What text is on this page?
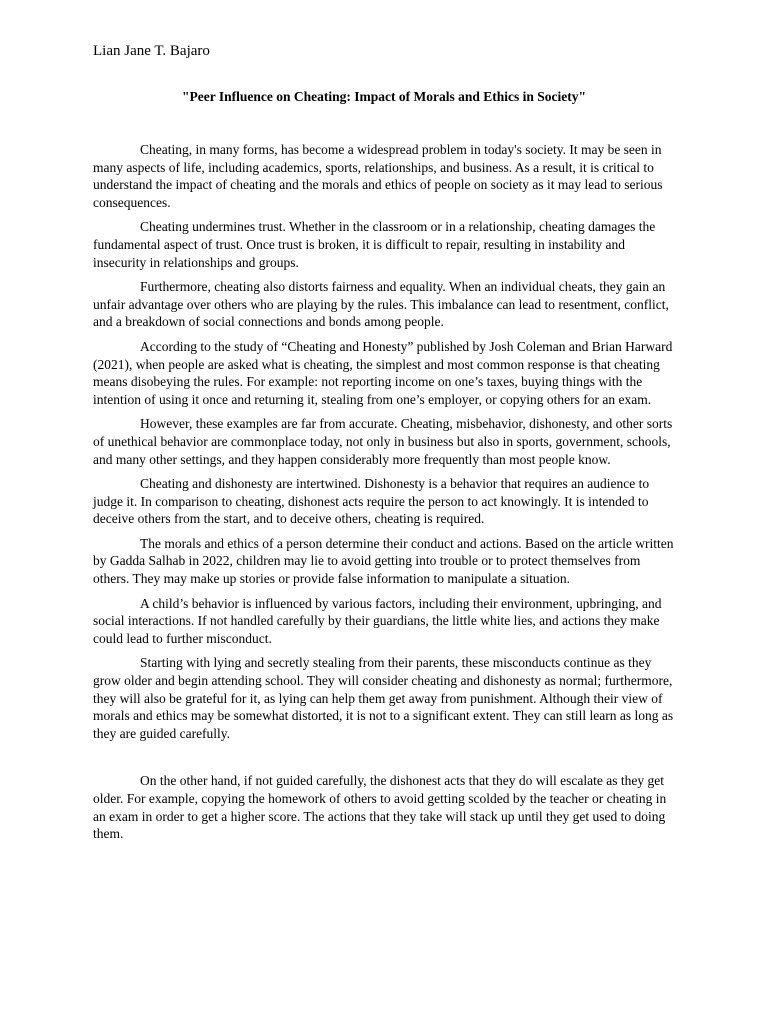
Lian Jane T. Bajaro
"Peer Influence on Cheating: Impact of Morals and Ethics in Society"

Cheating, in many forms, has become a widespread problem in today's society. It may be seen in many aspects of life, including academics, sports, relationships, and business. As a result, it is critical to understand the impact of cheating and the morals and ethics of people on society as it may lead to serious consequences.

Cheating undermines trust. Whether in the classroom or in a relationship, cheating damages the fundamental aspect of trust. Once trust is broken, it is difficult to repair, resulting in instability and insecurity in relationships and groups.

Furthermore, cheating also distorts fairness and equality. When an individual cheats, they gain an unfair advantage over others who are playing by the rules. This imbalance can lead to resentment, conflict, and a breakdown of social connections and bonds among people.

According to the study of “Cheating and Honesty” published by Josh Coleman and Brian Harward (2021), when people are asked what is cheating, the simplest and most common response is that cheating means disobeying the rules. For example: not reporting income on one’s taxes, buying things with the intention of using it once and returning it, stealing from one’s employer, or copying others for an exam.

However, these examples are far from accurate. Cheating, misbehavior, dishonesty, and other sorts of unethical behavior are commonplace today, not only in business but also in sports, government, schools, and many other settings, and they happen considerably more frequently than most people know.

Cheating and dishonesty are intertwined. Dishonesty is a behavior that requires an audience to judge it. In comparison to cheating, dishonest acts require the person to act knowingly. It is intended to deceive others from the start, and to deceive others, cheating is required.

The morals and ethics of a person determine their conduct and actions. Based on the article written by Gadda Salhab in 2022, children may lie to avoid getting into trouble or to protect themselves from others. They may make up stories or provide false information to manipulate a situation.

A child’s behavior is influenced by various factors, including their environment, upbringing, and social interactions. If not handled carefully by their guardians, the little white lies, and actions they make could lead to further misconduct.

Starting with lying and secretly stealing from their parents, these misconducts continue as they grow older and begin attending school. They will consider cheating and dishonesty as normal; furthermore, they will also be grateful for it, as lying can help them get away from punishment. Although their view of morals and ethics may be somewhat distorted, it is not to a significant extent. They can still learn as long as they are guided carefully.

On the other hand, if not guided carefully, the dishonest acts that they do will escalate as they get older. For example, copying the homework of others to avoid getting scolded by the teacher or cheating in an exam in order to get a higher score. The actions that they take will stack up until they get used to doing them.
